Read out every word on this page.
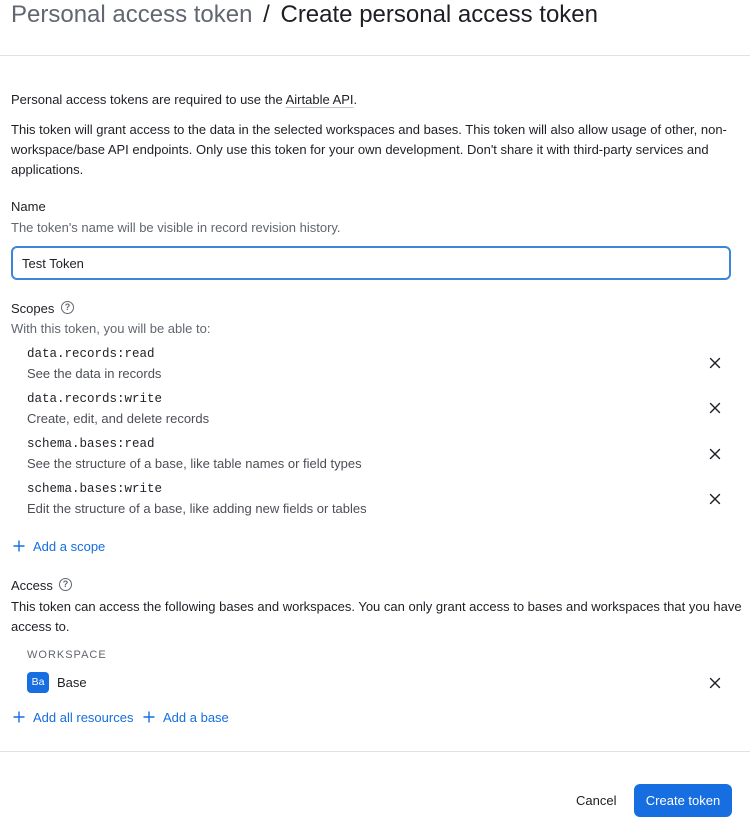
Personal access token / Create personal access token
Personal access tokens are required to use the Airtable API.
This token will grant access to the data in the selected workspaces and bases. This token will also allow usage of other, non-
workspace/base API endpoints. Only use this token for your own development. Don't share it with third-party services and
applications.
Name
The token's name will be visible in record revision history.
Test Token
Scopes	?
With this token, you will be able to:
data.records:read
See the data in records
data.records:write
Create, edit, and delete records
schema.bases:read
See the structure of a base, like table names or field types
schema.bases:write
Edit the structure of a base, like adding new fields or tables
Add a scope
Access	?
This token can access the following bases and workspaces. You can only grant access to bases and workspaces that you have
access to.
WORKSPACE
Ba Base
Add all resources	Add a base
Cancel	Create token
